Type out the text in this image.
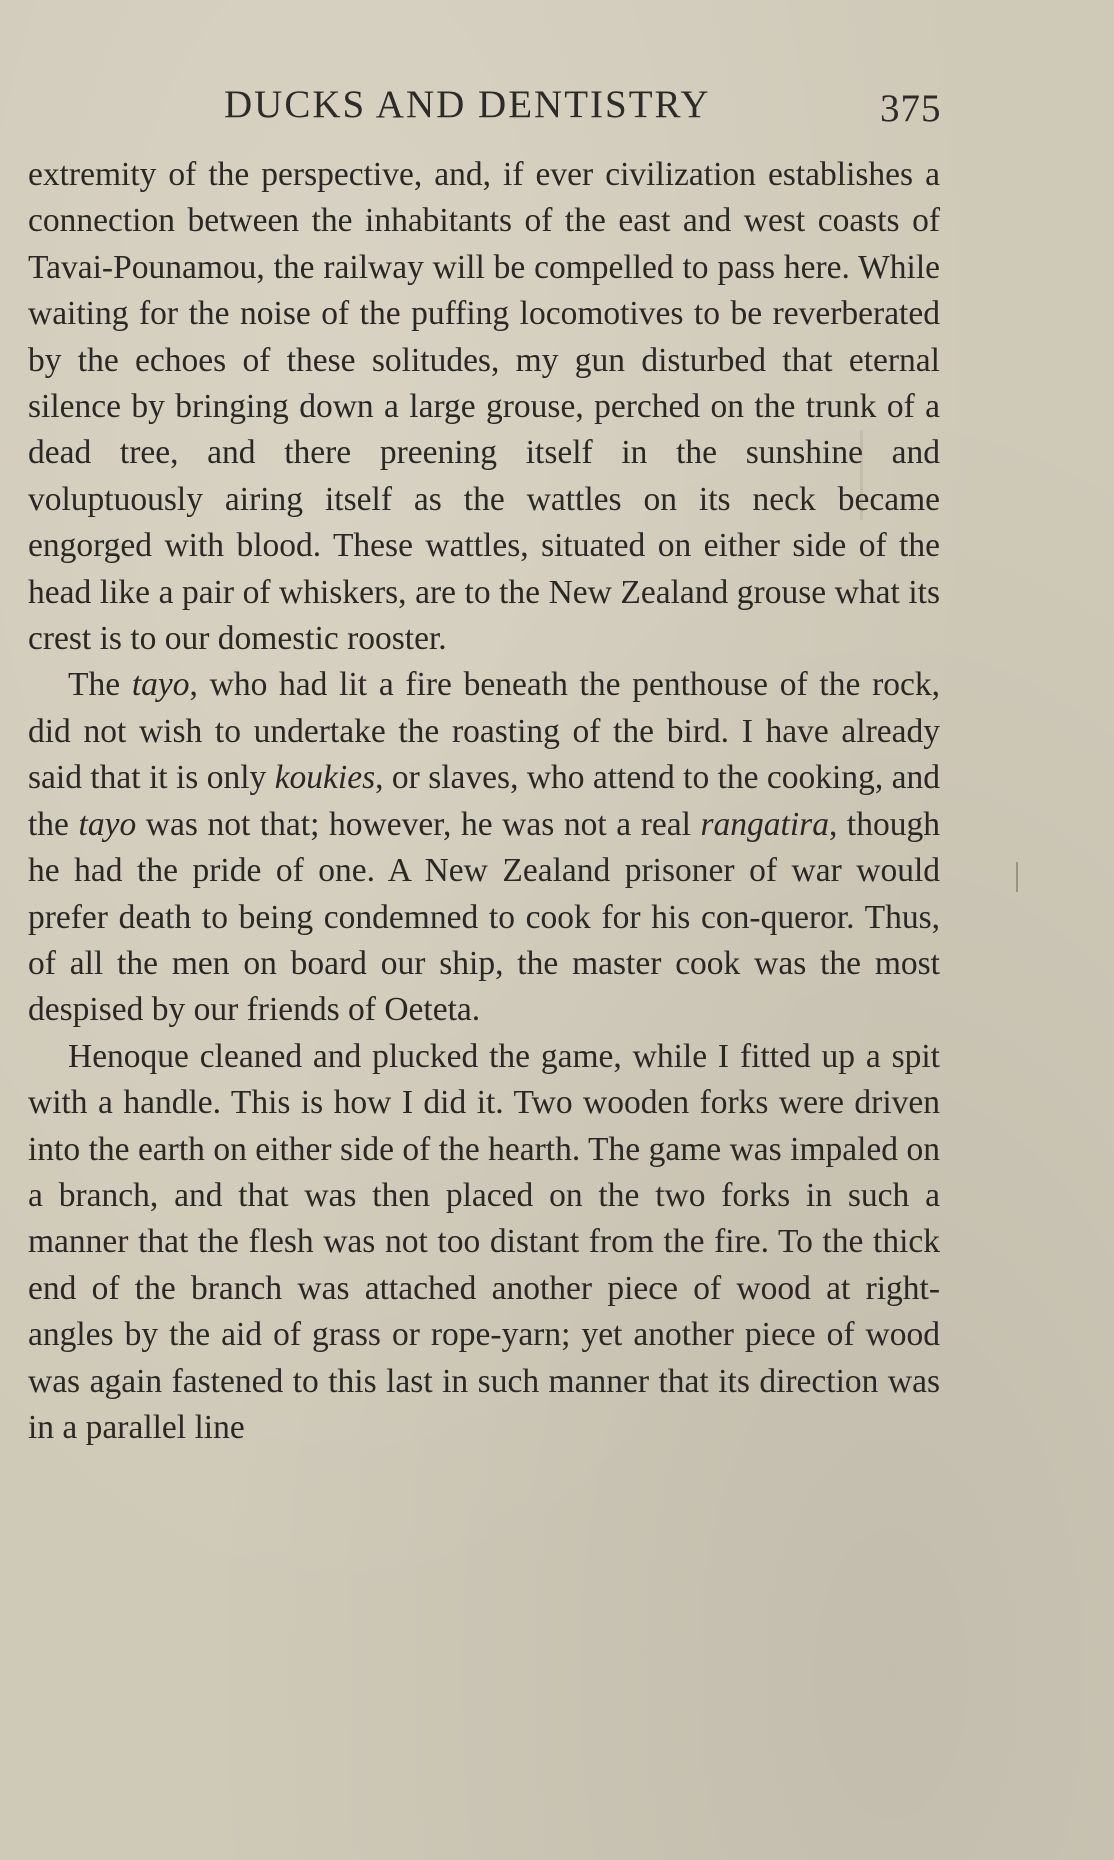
DUCKS AND DENTISTRY	375

extremity of the perspective, and, if ever civilization establishes a connection between the inhabitants of the east and west coasts of Tavai-Pounamou, the railway will be compelled to pass here. While waiting for the noise of the puffing locomotives to be reverberated by the echoes of these solitudes, my gun disturbed that eternal silence by bringing down a large grouse, perched on the trunk of a dead tree, and there preening itself in the sunshine and voluptuously airing itself as the wattles on its neck became engorged with blood. These wattles, situated on either side of the head like a pair of whiskers, are to the New Zealand grouse what its crest is to our domestic rooster.

The tayo, who had lit a fire beneath the penthouse of the rock, did not wish to undertake the roasting of the bird. I have already said that it is only koukies, or slaves, who attend to the cooking, and the tayo was not that; however, he was not a real rangatira, though he had the pride of one. A New Zealand prisoner of war would prefer death to being condemned to cook for his con-queror. Thus, of all the men on board our ship, the master cook was the most despised by our friends of Oeteta.

Henoque cleaned and plucked the game, while I fitted up a spit with a handle. This is how I did it. Two wooden forks were driven into the earth on either side of the hearth. The game was impaled on a branch, and that was then placed on the two forks in such a manner that the flesh was not too distant from the fire. To the thick end of the branch was attached another piece of wood at right-angles by the aid of grass or rope-yarn; yet another piece of wood was again fastened to this last in such manner that its direction was in a parallel line
